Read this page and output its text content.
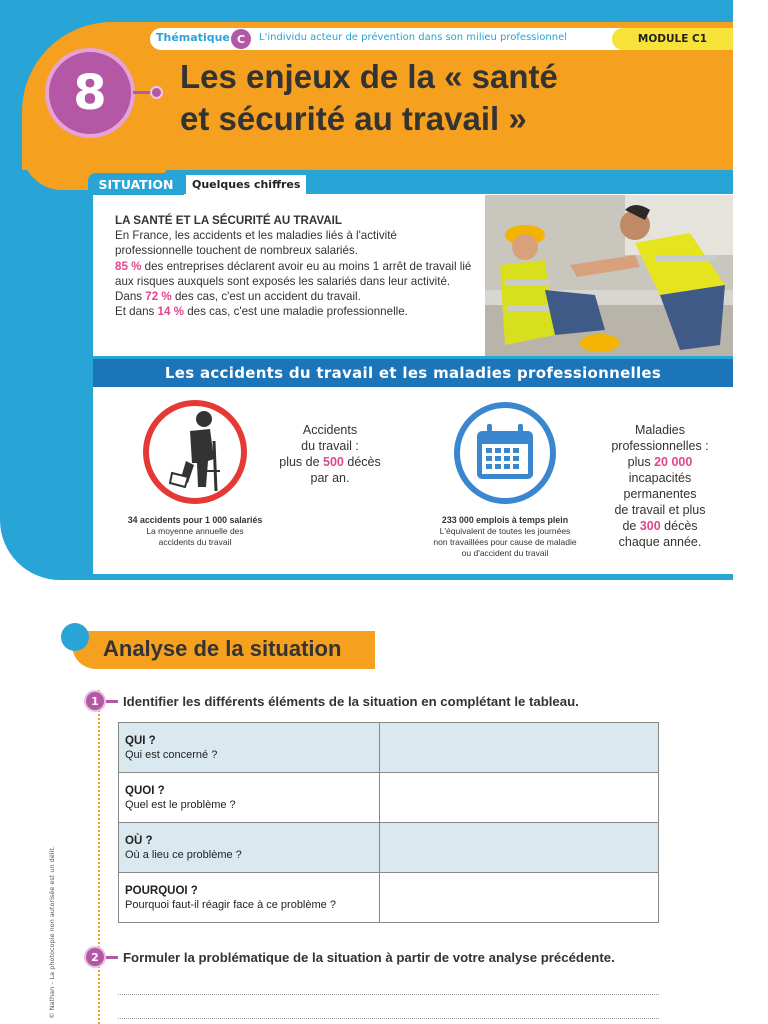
Thématique C	L'individu acteur de prévention dans son milieu professionnel	MODULE C1
8	Les enjeux de la « santé
et sécurité au travail »
SITUATION	Quelques chiffres
LA SANTÉ ET LA SÉCURITÉ AU TRAVAIL
En France, les accidents et les maladies liés à l'activité professionnelle touchent de nombreux salariés.
85 % des entreprises déclarent avoir eu au moins 1 arrêt de travail lié aux risques auxquels sont exposés les salariés dans leur activité.
Dans 72 % des cas, c'est un accident du travail.
Et dans 14 % des cas, c'est une maladie professionnelle.
Les accidents du travail et les maladies professionnelles
34 accidents pour 1 000 salariés
La moyenne annuelle des
accidents du travail
Accidents
du travail :
plus de 500 décès
par an.
233 000 emplois à temps plein
L'équivalent de toutes les journées
non travaillées pour cause de maladie
ou d'accident du travail
Maladies
professionnelles :
plus 20 000
incapacités
permanentes
de travail et plus
de 300 décès
chaque année.
Analyse de la situation
1	Identifier les différents éléments de la situation en complétant le tableau.
QUI ?
Qui est concerné ?	

QUOI ?
Quel est le problème ?	

OÙ ?
Où a lieu ce problème ?	

POURQUOI ?
Pourquoi faut-il réagir face à ce problème ?	
2	Formuler la problématique de la situation à partir de votre analyse précédente.
© Nathan – La photocopie non autorisée est un délit.
